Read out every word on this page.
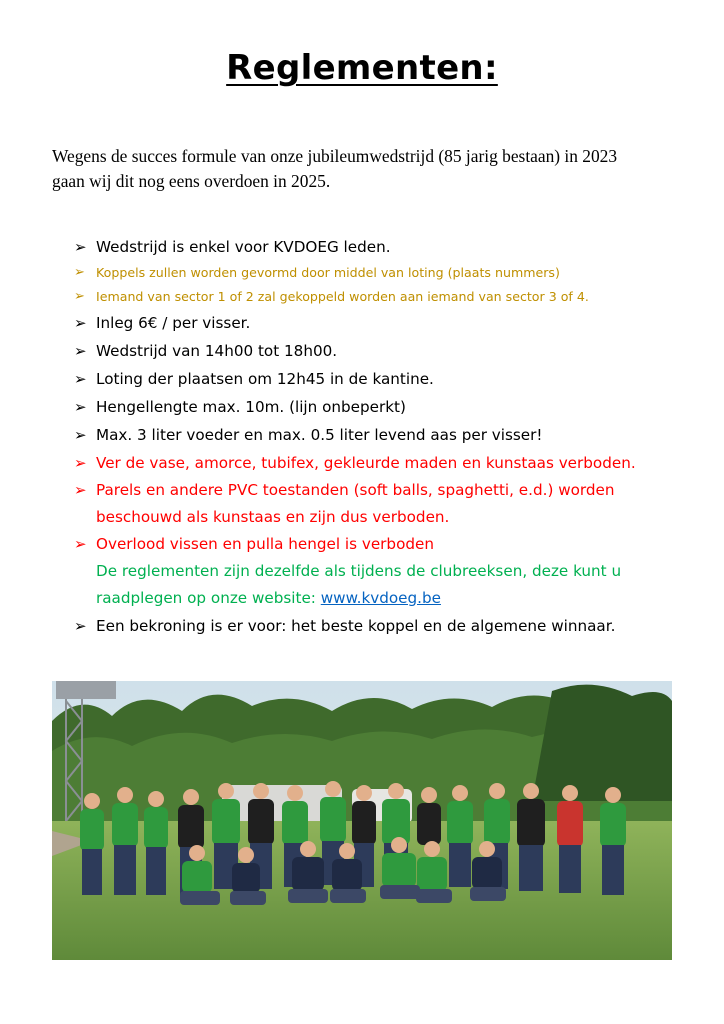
Reglementen:
Wegens de succes formule van onze jubileumwedstrijd (85 jarig bestaan) in 2023 gaan wij dit nog eens overdoen in 2025.
➢ Wedstrijd is enkel voor KVDOEG leden.
➢ Koppels zullen worden gevormd door middel van loting (plaats nummers)
➢ Iemand van sector 1 of 2 zal gekoppeld worden aan iemand van sector 3 of 4.
➢ Inleg 6€ / per visser.
➢ Wedstrijd van 14h00 tot 18h00.
➢ Loting der plaatsen om 12h45 in de kantine.
➢ Hengellengte max. 10m. (lijn onbeperkt)
➢ Max. 3 liter voeder en max. 0.5 liter levend aas per visser!
➢ Ver de vase, amorce, tubifex, gekleurde maden en kunstaas verboden.
➢ Parels en andere PVC toestanden (soft balls, spaghetti, e.d.) worden beschouwd als kunstaas en zijn dus verboden.
➢ Overlood vissen en pulla hengel is verboden
De reglementen zijn dezelfde als tijdens de clubreeksen, deze kunt u raadplegen op onze website: www.kvdoeg.be
➢ Een bekroning is er voor: het beste koppel en de algemene winnaar.
